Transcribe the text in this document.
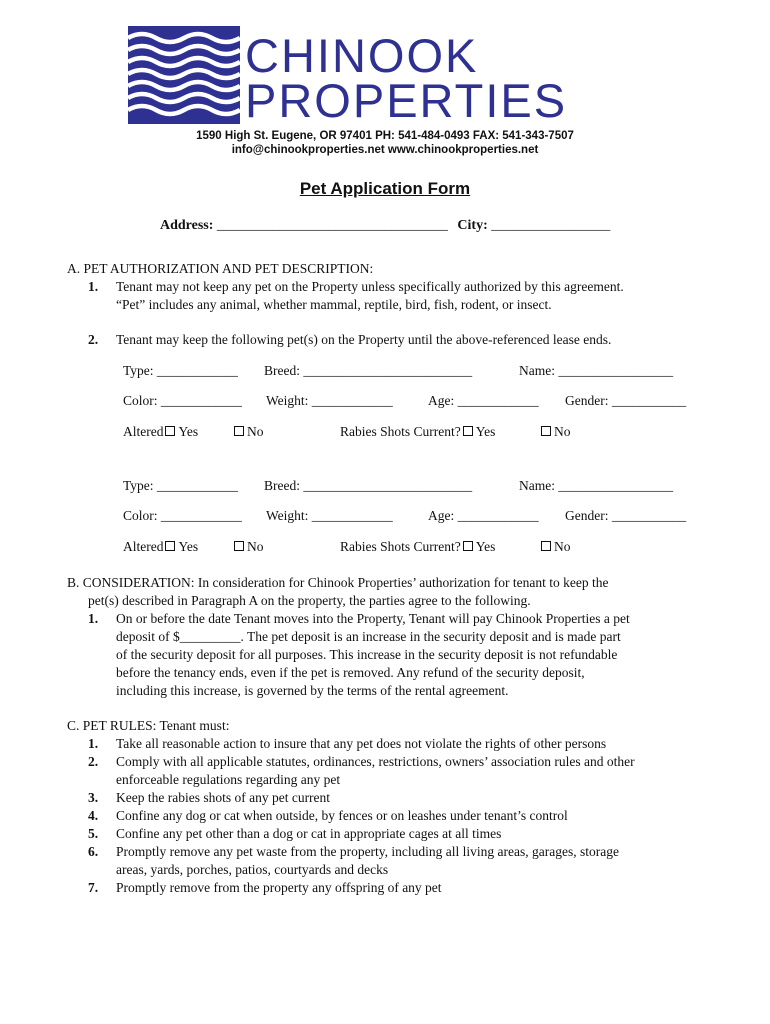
CHINOOK
PROPERTIES
1590 High St. Eugene, OR 97401 PH: 541-484-0493 FAX: 541-343-7507
info@chinookproperties.net www.chinookproperties.net
Pet Application Form
Address: _________________________________ City: _________________
A. PET AUTHORIZATION AND PET DESCRIPTION:
1. Tenant may not keep any pet on the Property unless specifically authorized by this agreement.
“Pet” includes any animal, whether mammal, reptile, bird, fish, rodent, or insect.
2. Tenant may keep the following pet(s) on the Property until the above-referenced lease ends.
Type: ____________ Breed: _________________________	Name: _________________
Color: ____________ Weight: ____________	Age: ____________ Gender: ___________
Altered Yes	No	Rabies Shots Current? Yes	No
Type: ____________ Breed: _________________________	Name: _________________
Color: ____________ Weight: ____________	Age: ____________ Gender: ___________
Altered Yes	No	Rabies Shots Current? Yes	No
B. CONSIDERATION: In consideration for Chinook Properties’ authorization for tenant to keep the
pet(s) described in Paragraph A on the property, the parties agree to the following.
1. On or before the date Tenant moves into the Property, Tenant will pay Chinook Properties a pet
deposit of $_________. The pet deposit is an increase in the security deposit and is made part
of the security deposit for all purposes. This increase in the security deposit is not refundable
before the tenancy ends, even if the pet is removed. Any refund of the security deposit,
including this increase, is governed by the terms of the rental agreement.
C. PET RULES: Tenant must:
1. Take all reasonable action to insure that any pet does not violate the rights of other persons
2. Comply with all applicable statutes, ordinances, restrictions, owners’ association rules and other
enforceable regulations regarding any pet
3. Keep the rabies shots of any pet current
4. Confine any dog or cat when outside, by fences or on leashes under tenant’s control
5. Confine any pet other than a dog or cat in appropriate cages at all times
6. Promptly remove any pet waste from the property, including all living areas, garages, storage
areas, yards, porches, patios, courtyards and decks
7. Promptly remove from the property any offspring of any pet
